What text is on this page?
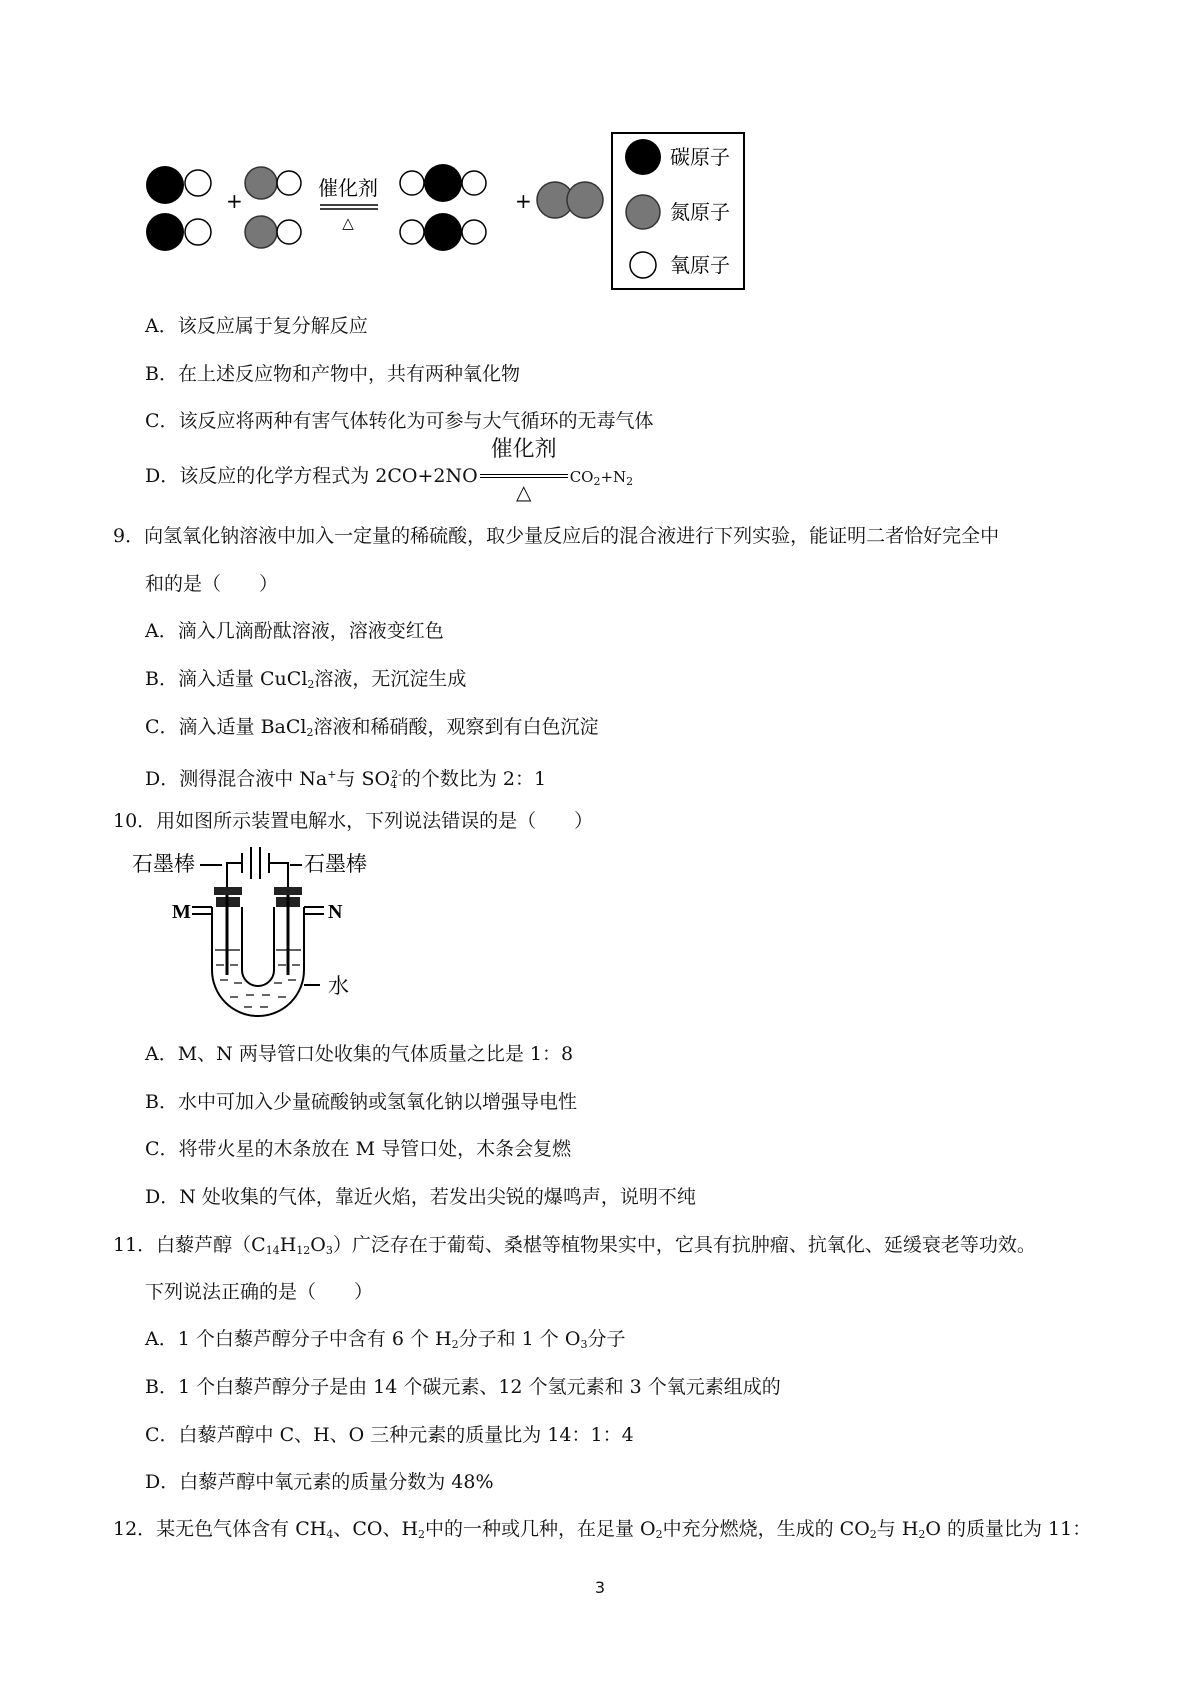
+
催化剂
△
+
碳原子
氮原子
氧原子
A．该反应属于复分解反应
B．在上述反应物和产物中，共有两种氧化物
C．该反应将两种有害气体转化为可参与大气循环的无毒气体
D．该反应的化学方程式为 $2CO+2NO \frac{\text{催化剂}}{\triangle} CO_2+N_2$
9．向氢氧化钠溶液中加入一定量的稀硫酸，取少量反应后的混合液进行下列实验，能证明二者恰好完全中
和的是（　　）
A．滴入几滴酚酞溶液，溶液变红色
B．滴入适量 CuCl$_2$溶液，无沉淀生成
C．滴入适量 BaCl$_2$溶液和稀硝酸，观察到有白色沉淀
D．测得混合液中 Na+与 $SO_4^{2-}$的个数比为 2：1
10．用如图所示装置电解水，下列说法错误的是（　　）
石墨棒	石墨棒
M	N
水
A．M、N 两导管口处收集的气体质量之比是 1：8
B．水中可加入少量硫酸钠或氢氧化钠以增强导电性
C．将带火星的木条放在 M 导管口处，木条会复燃
D．N 处收集的气体，靠近火焰，若发出尖锐的爆鸣声，说明不纯
11．白藜芦醇$(C_{14}H_{12}O_3)$广泛存在于葡萄、桑椹等植物果实中，它具有抗肿瘤、抗氧化、延缓衰老等功效。
下列说法正确的是（　　）
A．1 个白藜芦醇分子中含有 6 个 $H_2$分子和 1 个 $O_3$分子
B．1 个白藜芦醇分子是由 14 个碳元素、12 个氢元素和 3 个氧元素组成的
C．白藜芦醇中 C、H、O 三种元素的质量比为 14：1：4
D．白藜芦醇中氧元素的质量分数为 48%
12．某无色气体含有 $CH_4$、CO、$H_2$中的一种或几种，在足量 $O_2$中充分燃烧，生成的 $CO_2$与 $H_2O$ 的质量比为 11：
3
